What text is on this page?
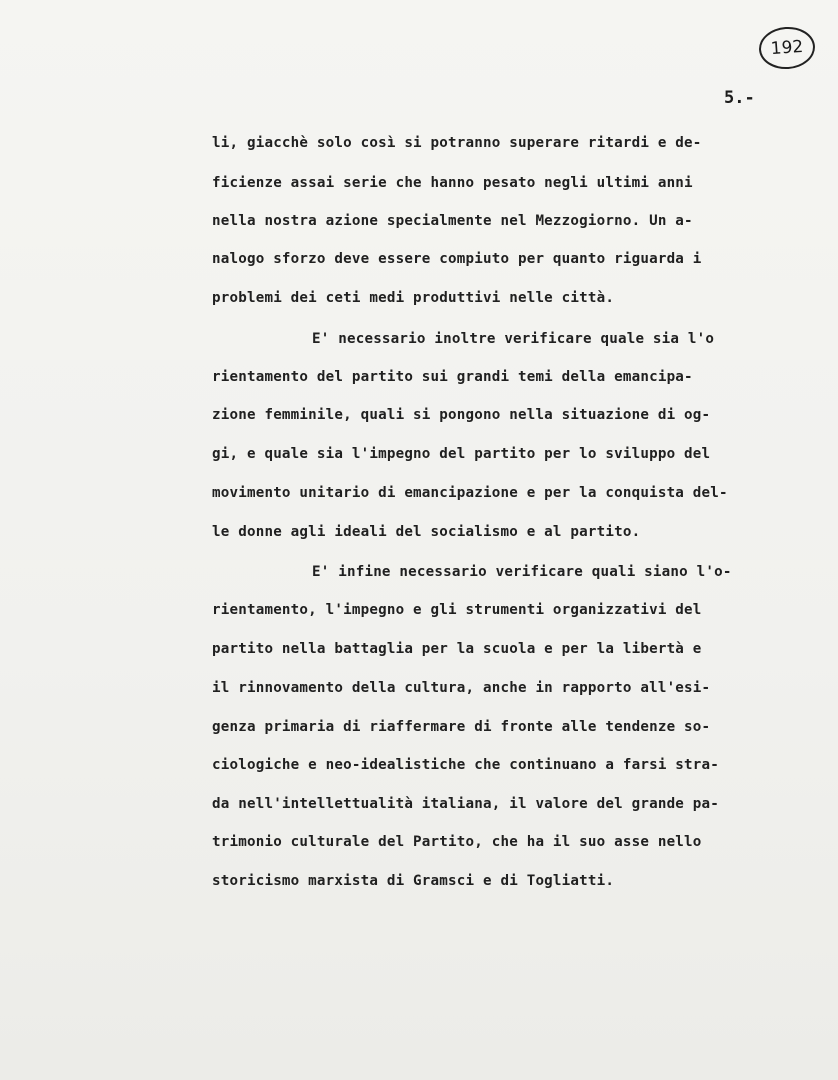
192
5.-
li, giacchè solo così si potranno superare ritardi e de-
ficienze assai serie che hanno pesato negli ultimi anni
nella nostra azione specialmente nel Mezzogiorno. Un a-
nalogo sforzo deve essere compiuto per quanto riguarda i
problemi dei ceti medi produttivi nelle città.
E' necessario inoltre verificare quale sia l'o
rientamento del partito sui grandi temi della emancipa-
zione femminile, quali si pongono nella situazione di og-
gi, e quale sia l'impegno del partito per lo sviluppo del
movimento unitario di emancipazione e per la conquista del-
le donne agli ideali del socialismo e al partito.
E' infine necessario verificare quali siano l'o-
rientamento, l'impegno e gli strumenti organizzativi del
partito nella battaglia per la scuola e per la libertà e
il rinnovamento della cultura, anche in rapporto all'esi-
genza primaria di riaffermare di fronte alle tendenze so-
ciologiche e neo-idealistiche che continuano a farsi stra-
da nell'intellettualità italiana, il valore del grande pa-
trimonio culturale del Partito, che ha il suo asse nello
storicismo marxista di Gramsci e di Togliatti.
